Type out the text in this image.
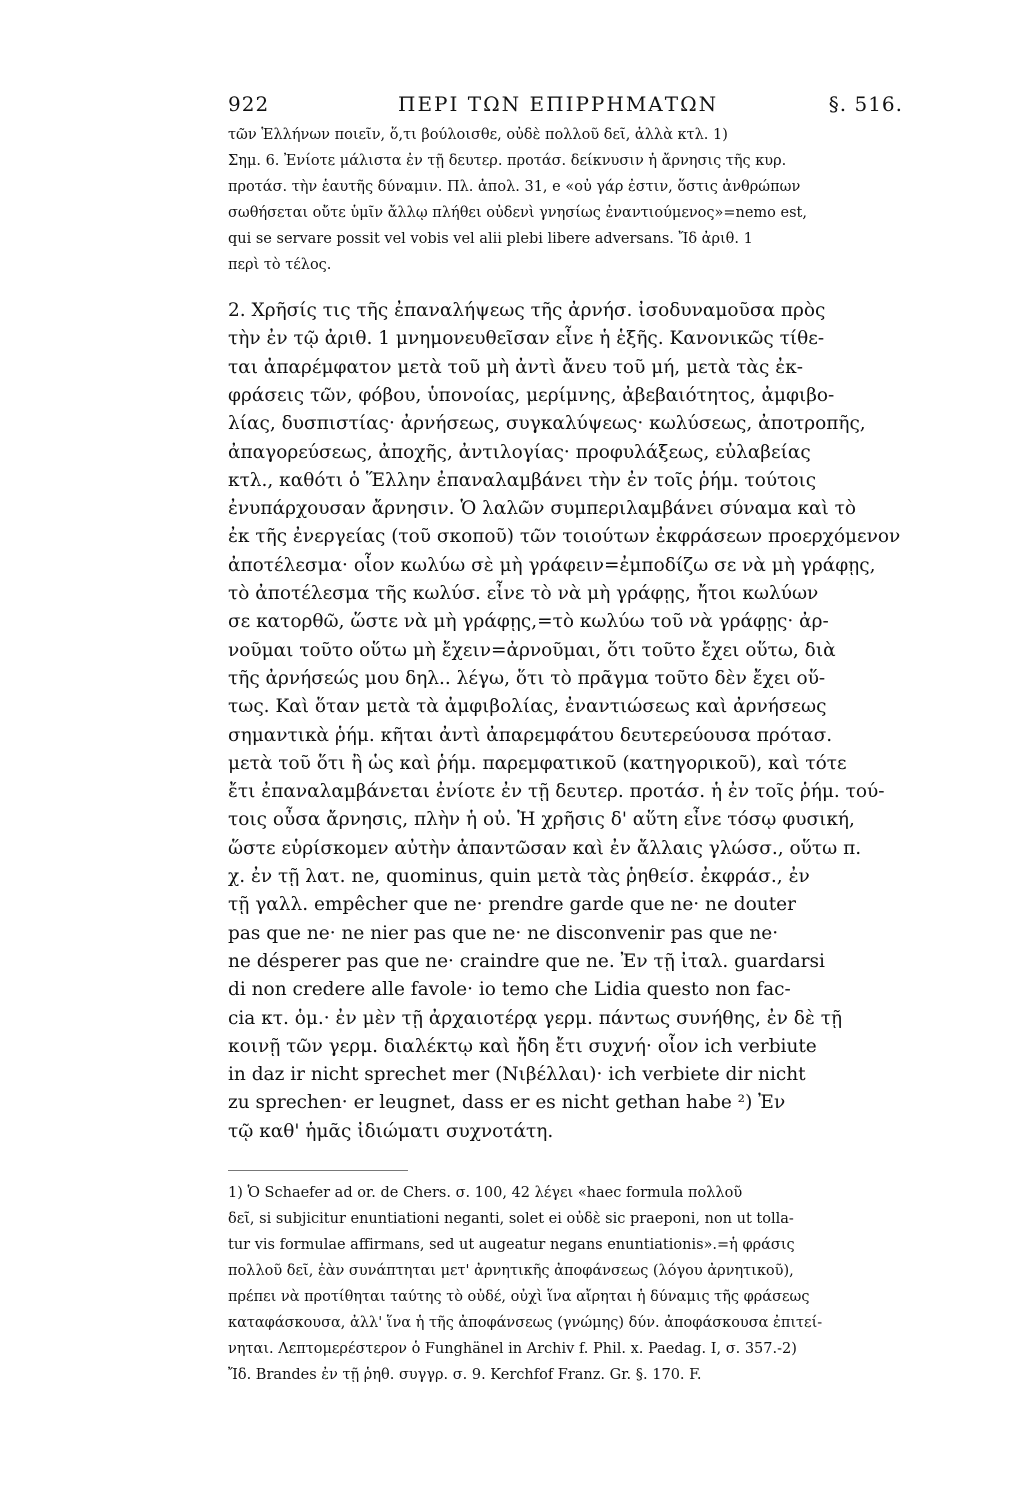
922	ΠΕΡΙ ΤΩΝ ΕΠΙΡΡΗΜΑΤΩΝ	§. 516.
τῶν Ἑλλήνων ποιεῖν, ὅ,τι βούλοισθε, οὐδὲ πολλοῦ δεῖ, ἀλλὰ κτλ. 1)
Σημ. 6. Ἐνίοτε μάλιστα ἐν τῇ δευτερ. προτάσ. δείκνυσιν ἡ ἄρνησις τῆς κυρ.
προτάσ. τὴν ἑαυτῆς δύναμιν. Πλ. ἀπολ. 31, e «οὐ γάρ ἐστιν, ὅστις ἀνθρώπων
σωθήσεται οὔτε ὑμῖν ἄλλῳ πλήθει οὐδενὶ γνησίως ἐναντιούμενος»=nemo est,
qui se servare possit vel vobis vel alii plebi libere adversans. Ἴδ ἀριθ. 1
περὶ τὸ τέλος.
2. Χρῆσίς τις τῆς ἐπαναλήψεως τῆς ἀρνήσ. ἰσοδυναμοῦσα πρὸς
τὴν ἐν τῷ ἀριθ. 1 μνημονευθεῖσαν εἶνε ἡ ἑξῆς. Κανονικῶς τίθε-
ται ἀπαρέμφατον μετὰ τοῦ μὴ ἀντὶ ἄνευ τοῦ μή, μετὰ τὰς ἐκ-
φράσεις τῶν, φόβου, ὑπονοίας, μερίμνης, ἀβεβαιότητος, ἀμφιβο-
λίας, δυσπιστίας· ἀρνήσεως, συγκαλύψεως· κωλύσεως, ἀποτροπῆς,
ἀπαγορεύσεως, ἀποχῆς, ἀντιλογίας· προφυλάξεως, εὐλαβείας
κτλ., καθότι ὁ Ἕλλην ἐπαναλαμβάνει τὴν ἐν τοῖς ῥήμ. τούτοις
ἐνυπάρχουσαν ἄρνησιν. Ὁ λαλῶν συμπεριλαμβάνει σύναμα καὶ τὸ
ἐκ τῆς ἐνεργείας (τοῦ σκοποῦ) τῶν τοιούτων ἐκφράσεων προερχόμενον
ἀποτέλεσμα· οἷον κωλύω σὲ μὴ γράφειν=ἐμποδίζω σε νὰ μὴ γράφῃς,
τὸ ἀποτέλεσμα τῆς κωλύσ. εἶνε τὸ νὰ μὴ γράφῃς, ἤτοι κωλύων
σε κατορθῶ, ὥστε νὰ μὴ γράφῃς,=τὸ κωλύω τοῦ νὰ γράφῃς· ἀρ-
νοῦμαι τοῦτο οὕτω μὴ ἔχειν=ἀρνοῦμαι, ὅτι τοῦτο ἔχει οὕτω, διὰ
τῆς ἀρνήσεώς μου δηλ.. λέγω, ὅτι τὸ πρᾶγμα τοῦτο δὲν ἔχει οὕ-
τως. Καὶ ὅταν μετὰ τὰ ἀμφιβολίας, ἐναντιώσεως καὶ ἀρνήσεως
σημαντικὰ ῥήμ. κῆται ἀντὶ ἀπαρεμφάτου δευτερεύουσα πρότασ.
μετὰ τοῦ ὅτι ἢ ὡς καὶ ῥήμ. παρεμφατικοῦ (κατηγορικοῦ), καὶ τότε
ἔτι ἐπαναλαμβάνεται ἐνίοτε ἐν τῇ δευτερ. προτάσ. ἡ ἐν τοῖς ῥήμ. τού-
τοις οὖσα ἄρνησις, πλὴν ἡ οὐ. Ἡ χρῆσις δ' αὕτη εἶνε τόσῳ φυσική,
ὥστε εὑρίσκομεν αὐτὴν ἀπαντῶσαν καὶ ἐν ἄλλαις γλώσσ., οὕτω π.
χ. ἐν τῇ λατ. ne, quominus, quin μετὰ τὰς ῥηθείσ. ἐκφράσ., ἐν
τῇ γαλλ. empêcher que ne· prendre garde que ne· ne douter
pas que ne· ne nier pas que ne· ne disconvenir pas que ne·
ne désperer pas que ne· craindre que ne. Ἐν τῇ ἰταλ. guardarsi
di non credere alle favole· io temo che Lidia questo non fac-
cia κτ. ὁμ.· ἐν μὲν τῇ ἀρχαιοτέρᾳ γερμ. πάντως συνήθης, ἐν δὲ τῇ
κοινῇ τῶν γερμ. διαλέκτῳ καὶ ἤδη ἔτι συχνή· οἷον ich verbiute
in daz ir nicht sprechet mer (Νιβέλλαι)· ich verbiete dir nicht
zu sprechen· er leugnet, dass er es nicht gethan habe ²) Ἐν
τῷ καθ' ἡμᾶς ἰδιώματι συχνοτάτη.
1) Ὁ Schaefer ad or. de Chers. σ. 100, 42 λέγει «haec formula πολλοῦ
δεῖ, si subjicitur enuntiationi neganti, solet ei οὐδὲ sic praeponi, non ut tolla-
tur vis formulae affirmans, sed ut augeatur negans enuntiationis».=ἡ φράσις
πολλοῦ δεῖ, ἐὰν συνάπτηται μετ' ἀρνητικῆς ἀποφάνσεως (λόγου ἀρνητικοῦ),
πρέπει νὰ προτίθηται ταύτης τὸ οὐδέ, οὐχὶ ἵνα αἴρηται ἡ δύναμις τῆς φράσεως
καταφάσκουσα, ἀλλ' ἵνα ἡ τῆς ἀποφάνσεως (γνώμης) δύν. ἀποφάσκουσα ἐπιτεί-
νηται. Λεπτομερέστερον ὁ Funghänel in Archiv f. Phil. x. Paedag. I, σ. 357.-2)
Ἴδ. Brandes ἐν τῇ ῥηθ. συγγρ. σ. 9. Kerchfof Franz. Gr. §. 170. F.
